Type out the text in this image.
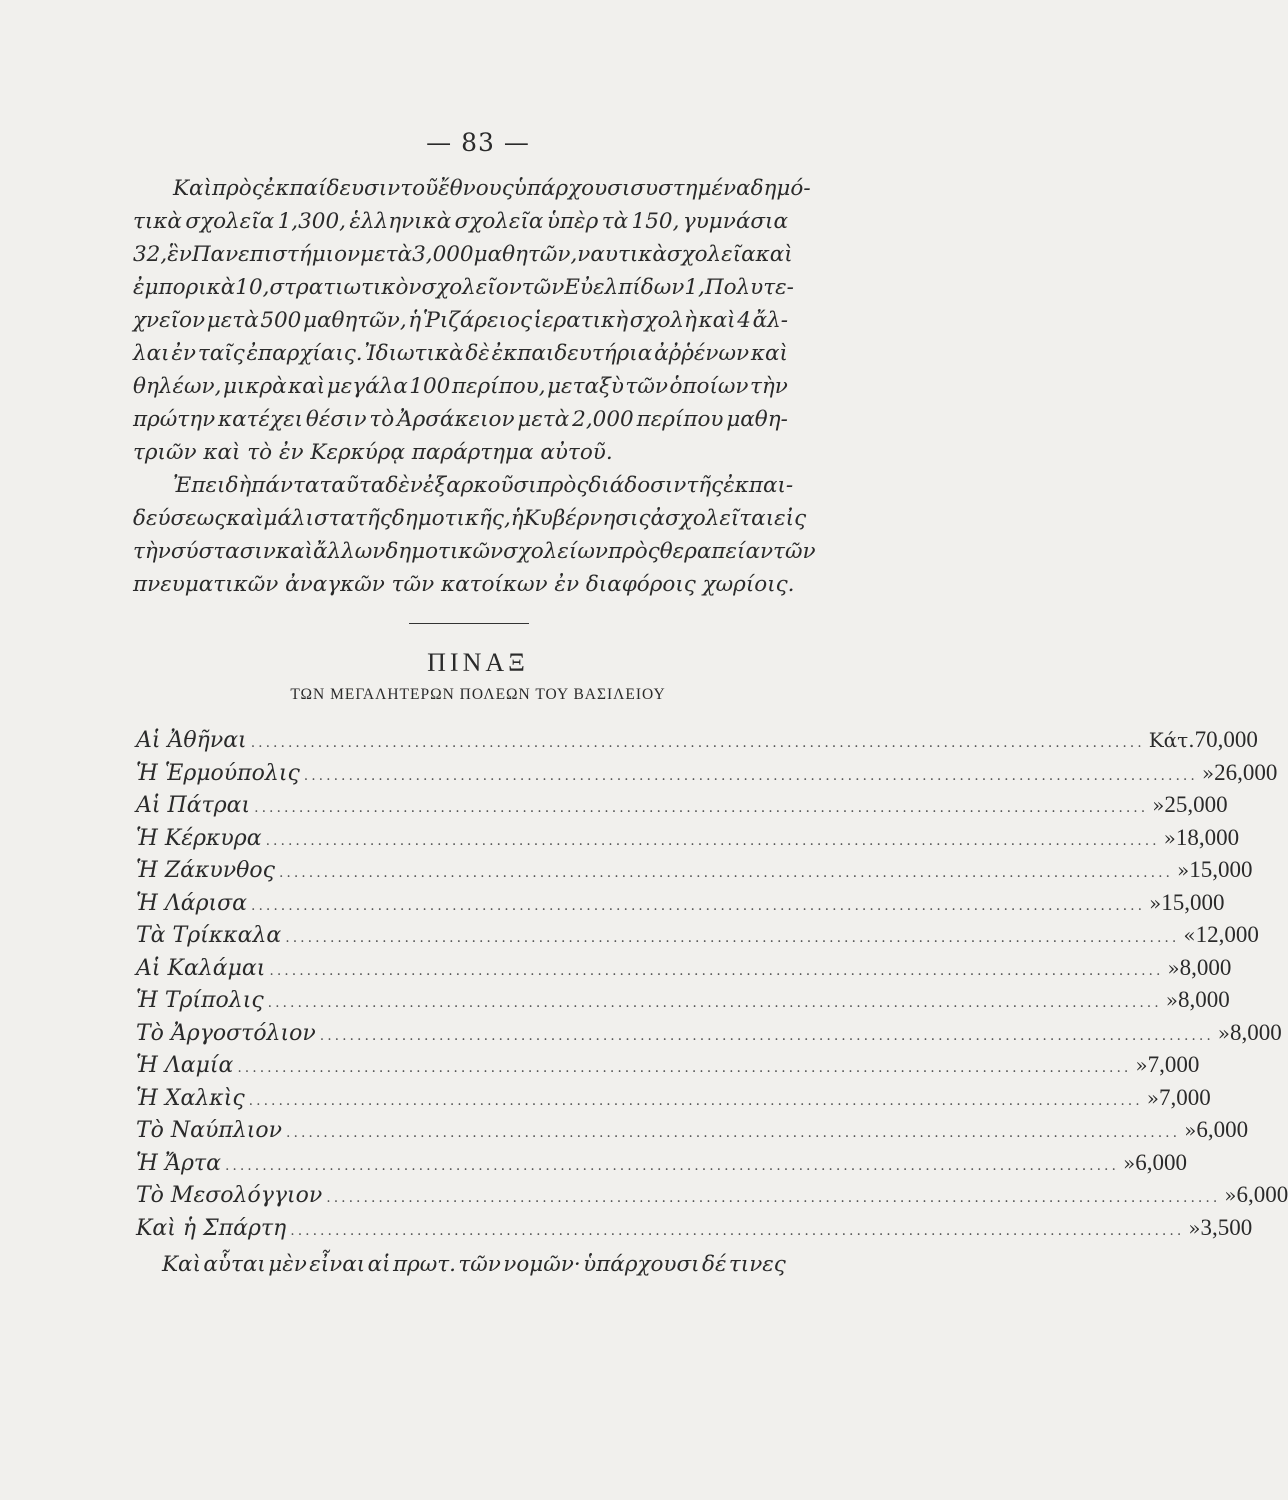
— 83 —
Καὶ πρὸς ἐκπαίδευσιν τοῦ ἔθνους ὑπάρχουσι συστημένα δημό-
τικὰ σχολεῖα 1,300, ἑλληνικὰ σχολεῖα ὑπὲρ τὰ 150, γυμνάσια
32, ἓν Πανεπιστήμιον μετὰ 3,000 μαθητῶν, ναυτικὰ σχολεῖα καὶ
ἐμπορικὰ 10, στρατιωτικὸν σχολεῖον τῶν Εὐελπίδων 1, Πολυτε-
χνεῖον μετὰ 500 μαθητῶν, ἡ Ῥιζάρειος ἱερατικὴ σχολὴ καὶ 4 ἄλ-
λαι ἐν ταῖς ἐπαρχίαις. Ἰδιωτικὰ δὲ ἐκπαιδευτήρια ἀῤῥένων καὶ
θηλέων, μικρὰ καὶ μεγάλα 100 περίπου, μεταξὺ τῶν ὁποίων τὴν
πρώτην κατέχει θέσιν τὸ Ἀρσάκειον μετὰ 2,000 περίπου μαθη-
τριῶν καὶ τὸ ἐν Κερκύρᾳ παράρτημα αὐτοῦ.
Ἐπειδὴ πάντα ταῦτα δὲν ἐξαρκοῦσι πρὸς διάδοσιν τῆς ἐκπαι-
δεύσεως καὶ μάλιστα τῆς δημοτικῆς, ἡ Κυβέρνησις ἀσχολεῖται εἰς
τὴν σύστασιν καὶ ἄλλων δημοτικῶν σχολείων πρὸς θεραπείαν τῶν
πνευματικῶν ἀναγκῶν τῶν κατοίκων ἐν διαφόροις χωρίοις.
ΠΙΝΑΞ
ΤΩΝ ΜΕΓΑΛΗΤΕΡΩΝ ΠΟΛΕΩΝ ΤΟΥ ΒΑΣΙΛΕΙΟΥ
Αἱ Ἀθῆναι ........................................................................................................................ Κάτ. 70,000
Ἡ Ἑρμούπολις ........................................................................................................................ » 26,000
Αἱ Πάτραι ........................................................................................................................ » 25,000
Ἡ Κέρκυρα ........................................................................................................................ » 18,000
Ἡ Ζάκυνθος ........................................................................................................................ » 15,000
Ἡ Λάρισα ........................................................................................................................ » 15,000
Τὰ Τρίκκαλα ........................................................................................................................ « 12,000
Αἱ Καλάμαι ........................................................................................................................ » 8,000
Ἡ Τρίπολις ........................................................................................................................ » 8,000
Τὸ Ἀργοστόλιον ........................................................................................................................ » 8,000
Ἡ Λαμία ........................................................................................................................ » 7,000
Ἡ Χαλκὶς ........................................................................................................................ » 7,000
Τὸ Ναύπλιον ........................................................................................................................ » 6,000
Ἡ Ἄρτα ........................................................................................................................ » 6,000
Τὸ Μεσολόγγιον ........................................................................................................................ » 6,000
Καὶ ἡ Σπάρτη ........................................................................................................................ » 3,500
Καὶ αὗται μὲν εἶναι αἱ πρωτ. τῶν νομῶν· ὑπάρχουσι δέ τινες
